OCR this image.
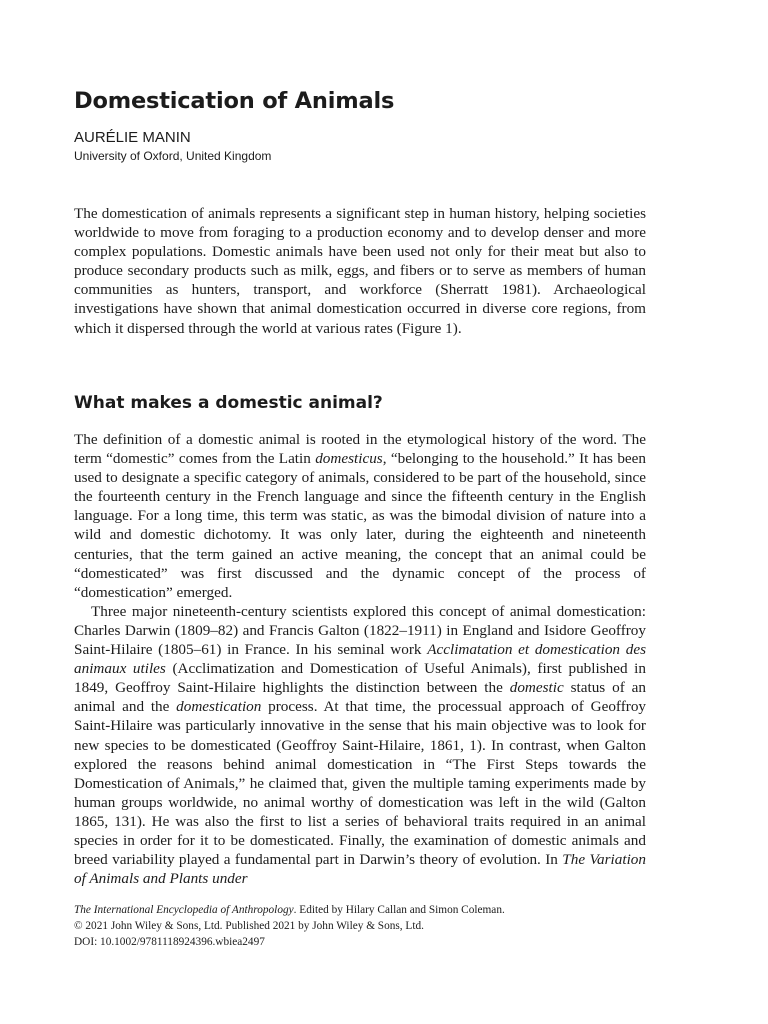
Domestication of Animals
AURÉLIE MANIN
University of Oxford, United Kingdom

The domestication of animals represents a significant step in human history, helping societies worldwide to move from foraging to a production economy and to develop denser and more complex populations. Domestic animals have been used not only for their meat but also to produce secondary products such as milk, eggs, and fibers or to serve as members of human communities as hunters, transport, and workforce (Sherratt 1981). Archaeological investigations have shown that animal domestication occurred in diverse core regions, from which it dispersed through the world at various rates (Figure 1).

What makes a domestic animal?

The definition of a domestic animal is rooted in the etymological history of the word. The term “domestic” comes from the Latin domesticus, “belonging to the household.” It has been used to designate a specific category of animals, considered to be part of the household, since the fourteenth century in the French language and since the fifteenth century in the English language. For a long time, this term was static, as was the bimodal division of nature into a wild and domestic dichotomy. It was only later, during the eighteenth and nineteenth centuries, that the term gained an active meaning, the concept that an animal could be “domesticated” was first discussed and the dynamic concept of the process of “domestication” emerged.

Three major nineteenth-century scientists explored this concept of animal domestication: Charles Darwin (1809–82) and Francis Galton (1822–1911) in England and Isidore Geoffroy Saint-Hilaire (1805–61) in France. In his seminal work Acclimatation et domestication des animaux utiles (Acclimatization and Domestication of Useful Animals), first published in 1849, Geoffroy Saint-Hilaire highlights the distinction between the domestic status of an animal and the domestication process. At that time, the processual approach of Geoffroy Saint-Hilaire was particularly innovative in the sense that his main objective was to look for new species to be domesticated (Geoffroy Saint-Hilaire, 1861, 1). In contrast, when Galton explored the reasons behind animal domestication in “The First Steps towards the Domestication of Animals,” he claimed that, given the multiple taming experiments made by human groups worldwide, no animal worthy of domestication was left in the wild (Galton 1865, 131). He was also the first to list a series of behavioral traits required in an animal species in order for it to be domesticated. Finally, the examination of domestic animals and breed variability played a fundamental part in Darwin’s theory of evolution. In The Variation of Animals and Plants under

The International Encyclopedia of Anthropology. Edited by Hilary Callan and Simon Coleman.
© 2021 John Wiley & Sons, Ltd. Published 2021 by John Wiley & Sons, Ltd.
DOI: 10.1002/9781118924396.wbiea2497
